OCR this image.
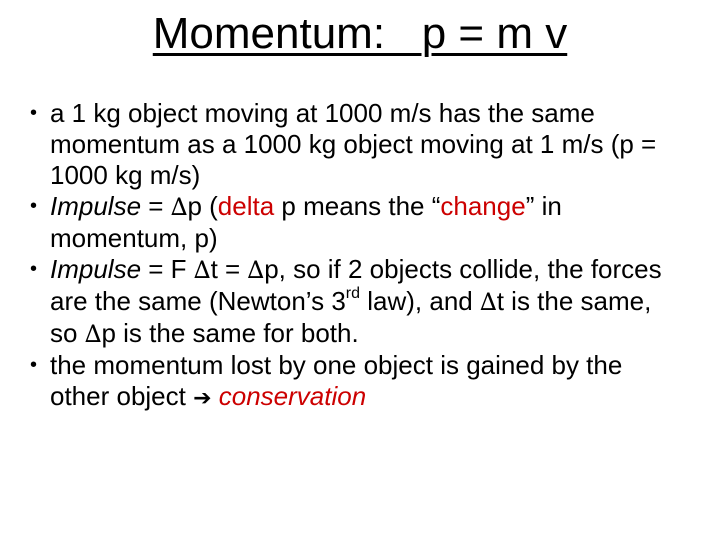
Momentum:   p = m v
• a 1 kg object moving at 1000 m/s has the same momentum as a 1000 kg object moving at 1 m/s (p = 1000 kg m/s)
• Impulse = ∆p (delta p means the “change” in momentum, p)
• Impulse = F ∆t = ∆p, so if 2 objects collide, the forces are the same (Newton’s 3rd law), and ∆t is the same, so ∆p is the same for both.
• the momentum lost by one object is gained by the other object ➔ conservation
